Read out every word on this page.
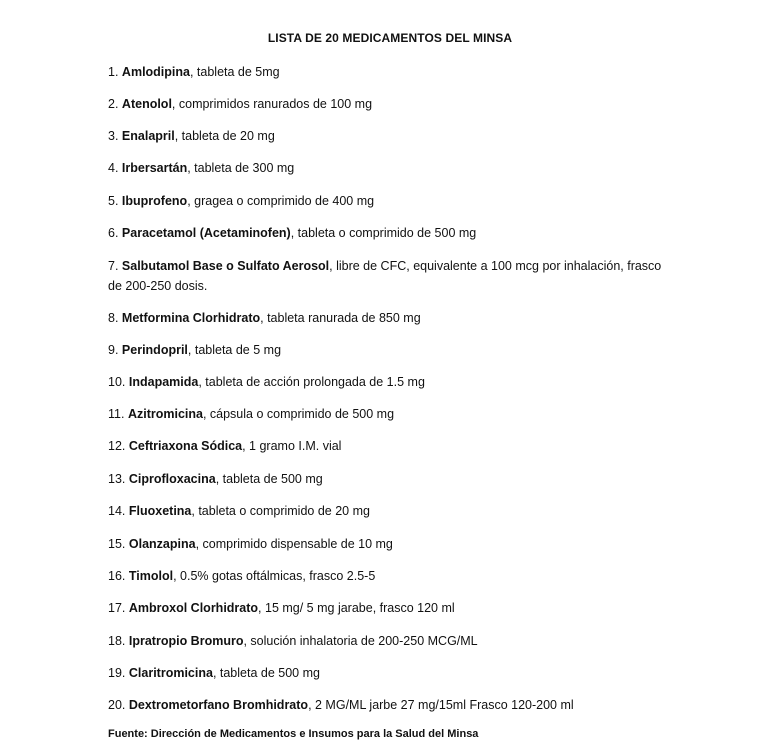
LISTA DE 20 MEDICAMENTOS DEL MINSA
1. Amlodipina, tableta de 5mg
2. Atenolol, comprimidos ranurados de 100 mg
3. Enalapril, tableta de 20 mg
4. Irbersartán, tableta de 300 mg
5. Ibuprofeno, gragea o comprimido de 400 mg
6. Paracetamol (Acetaminofen), tableta o comprimido de 500 mg
7. Salbutamol Base o Sulfato Aerosol, libre de CFC, equivalente a 100 mcg por inhalación, frasco de 200-250 dosis.
8. Metformina Clorhidrato, tableta ranurada de 850 mg
9. Perindopril, tableta de 5 mg
10. Indapamida, tableta de acción prolongada de 1.5 mg
11. Azitromicina, cápsula o comprimido de 500 mg
12. Ceftriaxona Sódica, 1 gramo I.M. vial
13. Ciprofloxacina, tableta de 500 mg
14. Fluoxetina, tableta o comprimido de 20 mg
15. Olanzapina, comprimido dispensable de 10 mg
16. Timolol, 0.5% gotas oftálmicas, frasco 2.5-5
17. Ambroxol Clorhidrato, 15 mg/ 5 mg jarabe, frasco 120 ml
18. Ipratropio Bromuro, solución inhalatoria de 200-250 MCG/ML
19. Claritromicina, tableta de 500 mg
20. Dextrometorfano Bromhidrato, 2 MG/ML jarbe 27 mg/15ml Frasco 120-200 ml
Fuente: Dirección de Medicamentos e Insumos para la Salud del Minsa
